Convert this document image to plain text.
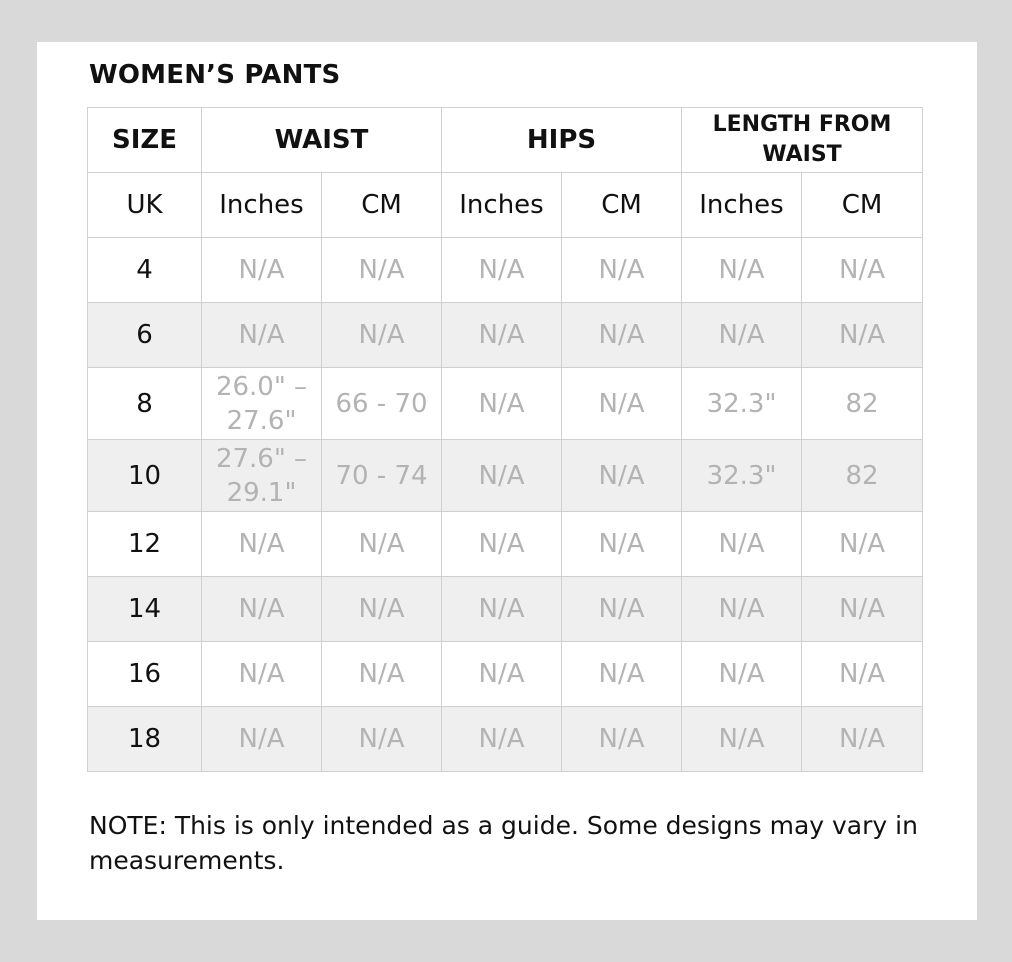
WOMEN’S PANTS
SIZE	WAIST		HIPS		LENGTH FROM WAIST	
UK	Inches	CM	Inches	CM	Inches	CM
4	N/A	N/A	N/A	N/A	N/A	N/A
6	N/A	N/A	N/A	N/A	N/A	N/A
8	26.0" – 27.6"	66 - 70	N/A	N/A	32.3"	82
10	27.6" – 29.1"	70 - 74	N/A	N/A	32.3"	82
12	N/A	N/A	N/A	N/A	N/A	N/A
14	N/A	N/A	N/A	N/A	N/A	N/A
16	N/A	N/A	N/A	N/A	N/A	N/A
18	N/A	N/A	N/A	N/A	N/A	N/A
NOTE: This is only intended as a guide. Some designs may vary in measurements.
